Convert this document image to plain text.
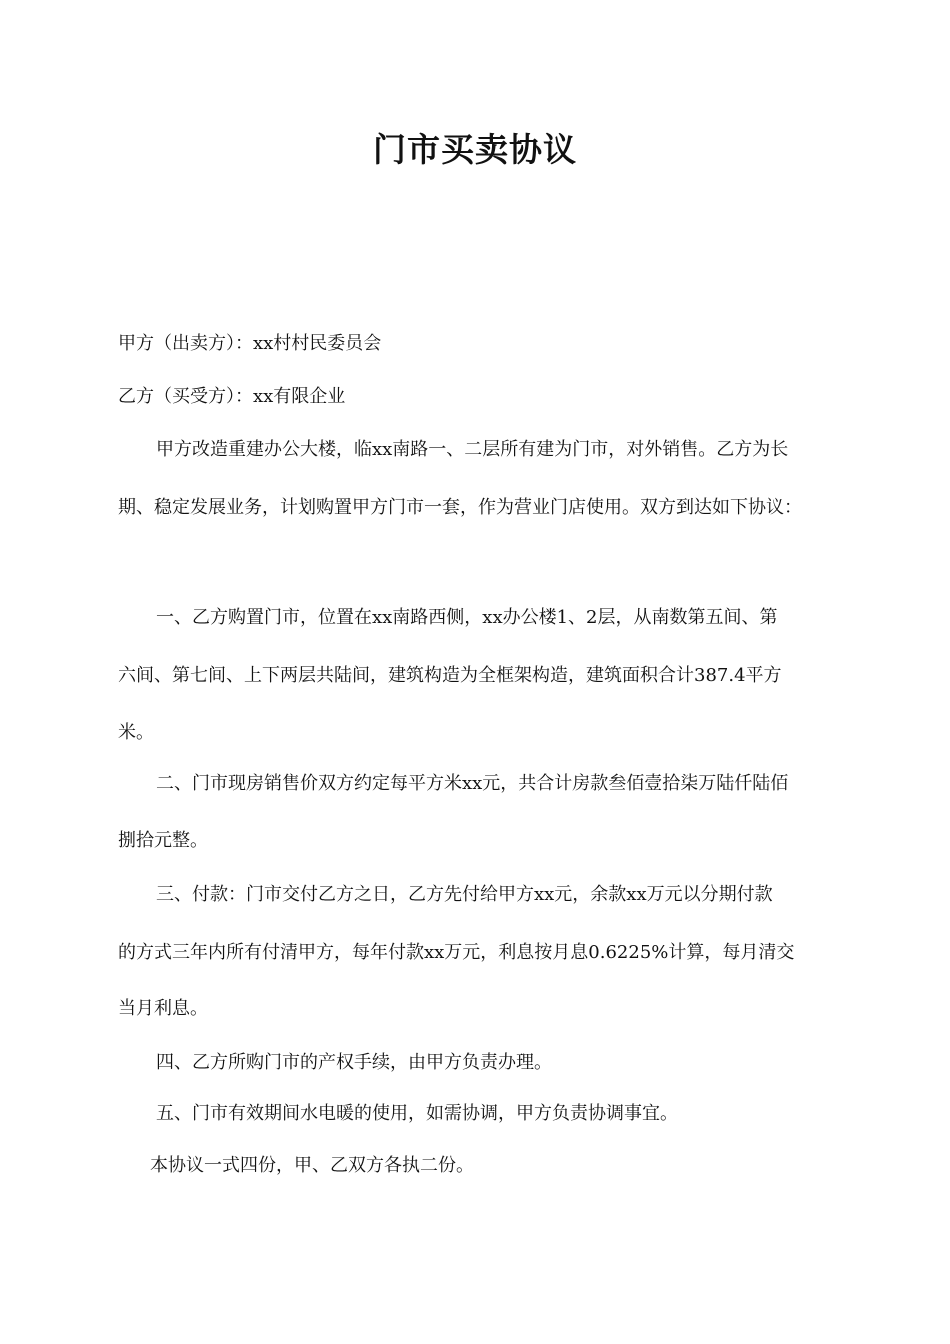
门市买卖协议
甲方（出卖方）：xx村村民委员会
乙方（买受方）：xx有限企业
甲方改造重建办公大楼，临xx南路一、二层所有建为门市，对外销售。乙方为长
期、稳定发展业务，计划购置甲方门市一套，作为营业门店使用。双方到达如下协议：
一、乙方购置门市，位置在xx南路西侧，xx办公楼1、2层，从南数第五间、第
六间、第七间、上下两层共陆间，建筑构造为全框架构造，建筑面积合计387.4平方
米。
二、门市现房销售价双方约定每平方米xx元，共合计房款叁佰壹拾柒万陆仟陆佰
捌拾元整。
三、付款：门市交付乙方之日，乙方先付给甲方xx元，余款xx万元以分期付款
的方式三年内所有付清甲方，每年付款xx万元，利息按月息0.6225%计算，每月清交
当月利息。
四、乙方所购门市的产权手续，由甲方负责办理。
五、门市有效期间水电暖的使用，如需协调，甲方负责协调事宜。
本协议一式四份，甲、乙双方各执二份。
